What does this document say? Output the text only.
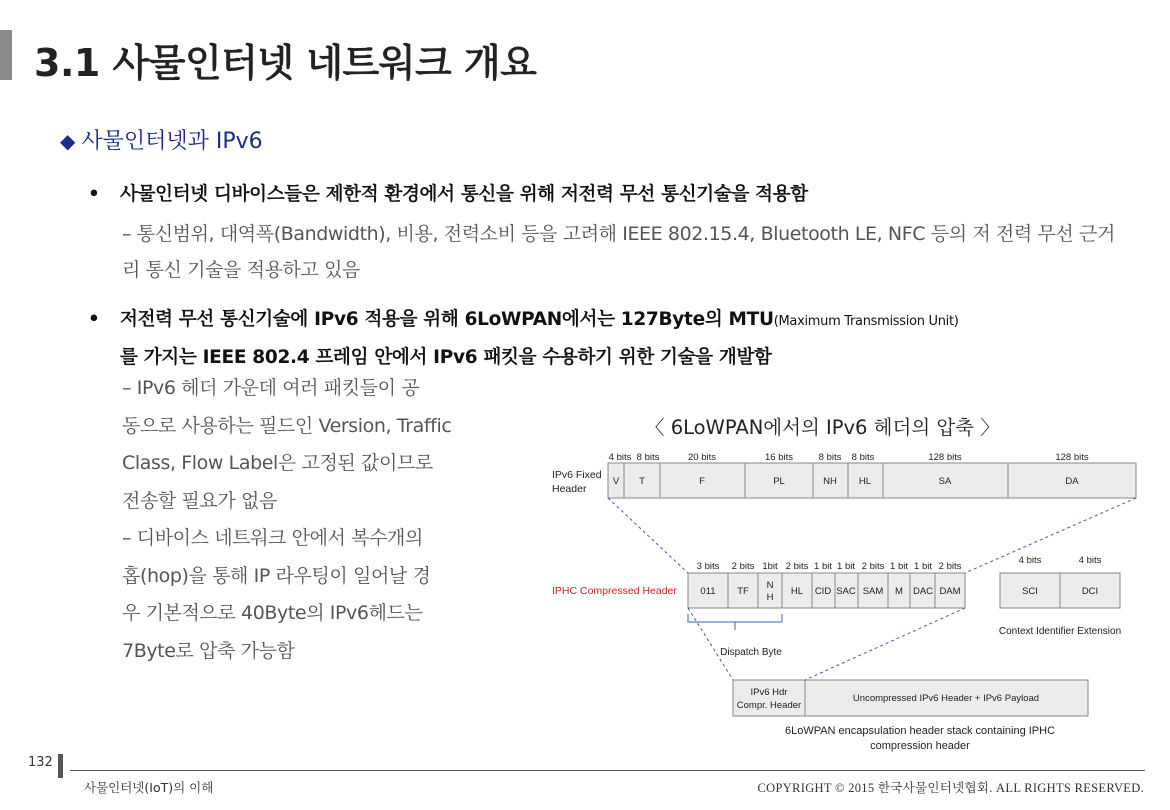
3.1 사물인터넷 네트워크 개요
◆ 사물인터넷과 IPv6
• 사물인터넷 디바이스들은 제한적 환경에서 통신을 위해 저전력 무선 통신기술을 적용함
– 통신범위, 대역폭(Bandwidth), 비용, 전력소비 등을 고려해 IEEE 802.15.4, Bluetooth LE, NFC 등의 저 전력 무선 근거리 통신 기술을 적용하고 있음
• 저전력 무선 통신기술에 IPv6 적용을 위해 6LoWPAN에서는 127Byte의 MTU(Maximum Transmission Unit)
를 가지는 IEEE 802.4 프레임 안에서 IPv6 패킷을 수용하기 위한 기술을 개발함
– IPv6 헤더 가운데 여러 패킷들이 공
동으로 사용하는 필드인 Version, Traffic
Class, Flow Label은 고정된 값이므로
전송할 필요가 없음
– 디바이스 네트워크 안에서 복수개의
홉(hop)을 통해 IP 라우팅이 일어날 경
우 기본적으로 40Byte의 IPv6헤드는
7Byte로 압축 가능함
〈 6LoWPAN에서의 IPv6 헤더의 압축 〉
4 bits 8 bits	20 bits	16 bits	8 bits 8 bits	128 bits	128 bits
V T	F	PL	NH HL	SA	DA
3 bits 2 bits 1bit 2 bits 1 bit 1 bit 2 bits 1 bit 1 bit 2 bits
011 TF
N
H
HL CID SAC SAM M DAC DAM
4 bits	4 bits
SCI	DCI
Context Identifier Extension
IPv6 Hdr
Compr. Header
Uncompressed IPv6 Header + IPv6 Payload
Dispatch Byte
6LoWPAN encapsulation header stack containing IPHC
compression header
IPv6 Fixed
Header
IPHC Compressed Header
132
사물인터넷(IoT)의 이해	COPYRIGHT © 2015 한국사물인터넷협회. ALL RIGHTS RESERVED.
